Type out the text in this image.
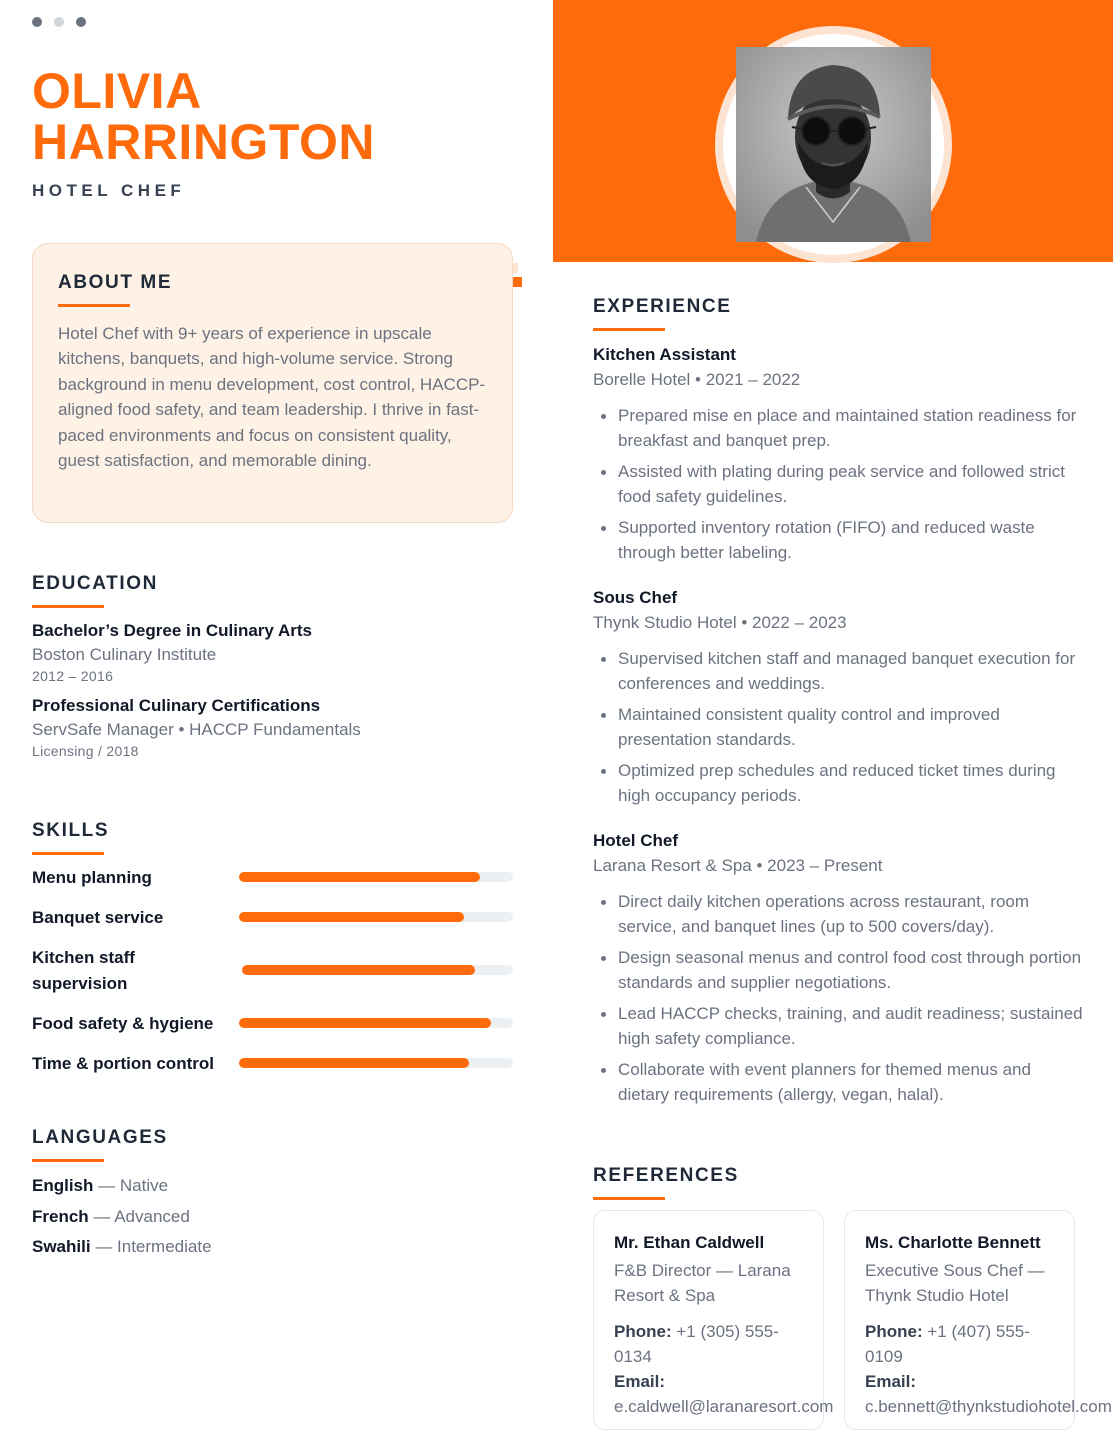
OLIVIA
HARRINGTON
HOTEL CHEF
ABOUT ME

Hotel Chef with 9+ years of experience in upscale kitchens, banquets, and high-volume service. Strong background in menu development, cost control, HACCP-aligned food safety, and team leadership. I thrive in fast-paced environments and focus on consistent quality, guest satisfaction, and memorable dining.

EDUCATION
Bachelor’s Degree in Culinary Arts
Boston Culinary Institute
2012 – 2016
Professional Culinary Certifications
ServSafe Manager • HACCP Fundamentals
Licensing / 2018
SKILLS
Menu planning
Banquet service
Kitchen staff supervision
Food safety & hygiene
Time & portion control
LANGUAGES
English — Native
French — Advanced
Swahili — Intermediate
EXPERIENCE
Kitchen Assistant
Borelle Hotel • 2021 – 2022
Prepared mise en place and maintained station readiness for breakfast and banquet prep.
Assisted with plating during peak service and followed strict food safety guidelines.
Supported inventory rotation (FIFO) and reduced waste through better labeling.
Sous Chef
Thynk Studio Hotel • 2022 – 2023
Supervised kitchen staff and managed banquet execution for conferences and weddings.
Maintained consistent quality control and improved presentation standards.
Optimized prep schedules and reduced ticket times during high occupancy periods.
Hotel Chef
Larana Resort & Spa • 2023 – Present
Direct daily kitchen operations across restaurant, room service, and banquet lines (up to 500 covers/day).
Design seasonal menus and control food cost through portion standards and supplier negotiations.
Lead HACCP checks, training, and audit readiness; sustained high safety compliance.
Collaborate with event planners for themed menus and dietary requirements (allergy, vegan, halal).
REFERENCES
Mr. Ethan Caldwell
F&B Director — Larana Resort & Spa
Phone: +1 (305) 555-0134
Email:
e.caldwell@laranaresort.com
Ms. Charlotte Bennett
Executive Sous Chef — Thynk Studio Hotel
Phone: +1 (407) 555-0109
Email:
c.bennett@thynkstudiohotel.com
